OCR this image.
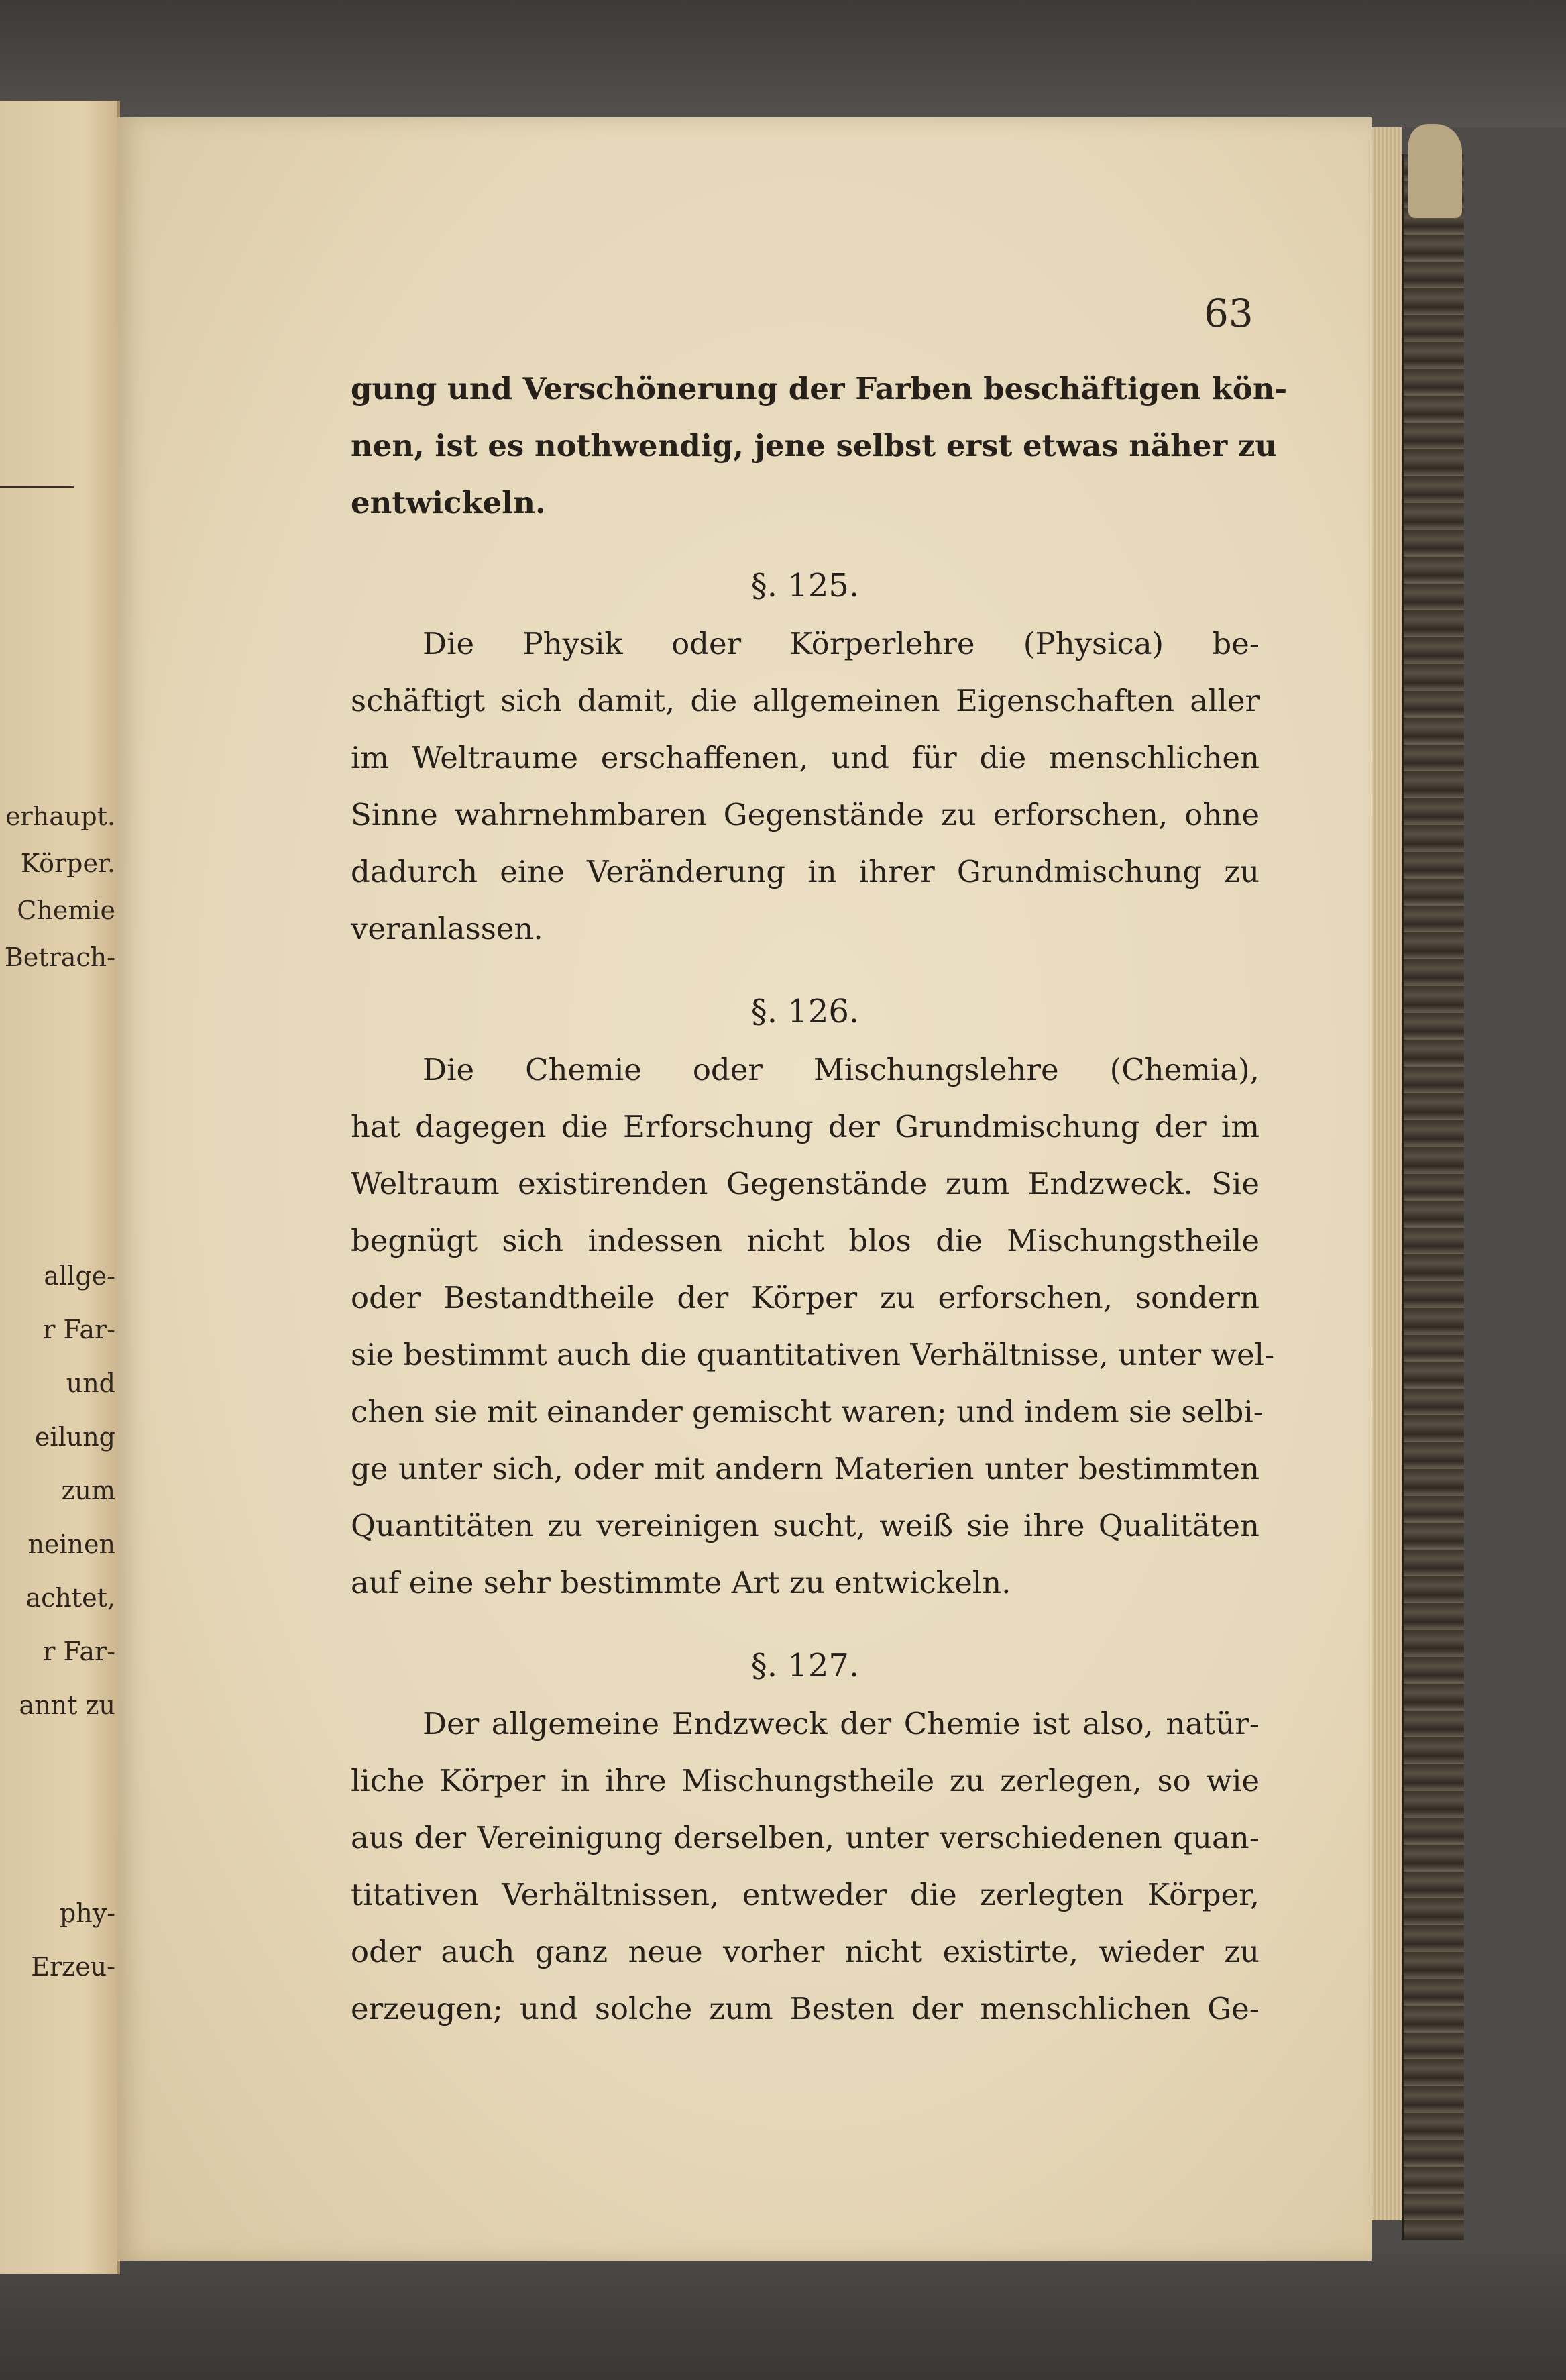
erhaupt.
Körper.
Chemie
Betrach-
allge-
r Far-
und
eilung
zum
neinen
achtet,
r Far-
annt zu
phy-
Erzeu-
63
gung und Verschönerung der Farben beschäftigen kön-
nen, ist es nothwendig, jene selbst erst etwas näher zu
entwickeln.
§. 125.
Die Physik oder Körperlehre (Physica) be-
schäftigt sich damit, die allgemeinen Eigenschaften aller
im Weltraume erschaffenen, und für die menschlichen
Sinne wahrnehmbaren Gegenstände zu erforschen, ohne
dadurch eine Veränderung in ihrer Grundmischung zu
veranlassen.
§. 126.
Die Chemie oder Mischungslehre (Chemia),
hat dagegen die Erforschung der Grundmischung der im
Weltraum existirenden Gegenstände zum Endzweck. Sie
begnügt sich indessen nicht blos die Mischungstheile
oder Bestandtheile der Körper zu erforschen, sondern
sie bestimmt auch die quantitativen Verhältnisse, unter wel-
chen sie mit einander gemischt waren; und indem sie selbi-
ge unter sich, oder mit andern Materien unter bestimmten
Quantitäten zu vereinigen sucht, weiß sie ihre Qualitäten
auf eine sehr bestimmte Art zu entwickeln.
§. 127.
Der allgemeine Endzweck der Chemie ist also, natür-
liche Körper in ihre Mischungstheile zu zerlegen, so wie
aus der Vereinigung derselben, unter verschiedenen quan-
titativen Verhältnissen, entweder die zerlegten Körper,
oder auch ganz neue vorher nicht existirte, wieder zu
erzeugen; und solche zum Besten der menschlichen Ge-
